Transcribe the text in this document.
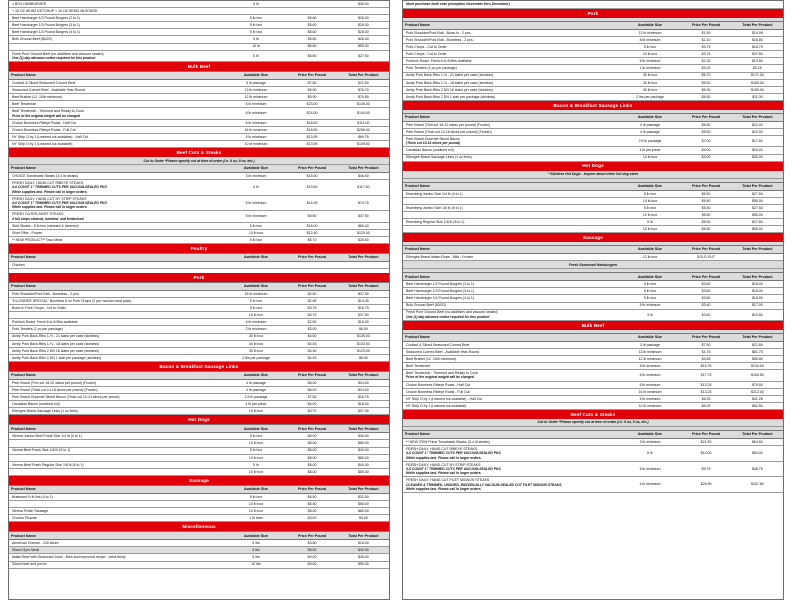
1 BOX HAMBURGER	5 lb		$35.00
+ 16 OZ HEINZ KETCHUP + 16 OZ HEINZ MUSTARD			
Beef Hamburger 1/2 Pound Burgers (2 to 1)	5 lb box	$5.60	$28.00
Beef Hamburger 1/3 Pound Burgers (3 to 1)	5 lb box	$5.60	$28.00
Beef Hamburger 1/4 Pound Burgers (4 to 1)	5 lb box	$5.60	$28.00
Bulk Ground Beef (80/20)	5 lb	$5.60	$28.00
	10 lb	$5.50	$55.00
Fresh Pure Ground Beef (no additives and vacuum sealed)
One (1) day advance notice required for this product	5 lb	$5.50	$27.50
Bulk Beef			
Product Name	Available Size	Price Per Pound	Total Per Product
Cooked & Sliced Seasoned Corned Beef	3 lb package	$7.50	$22.50
Seasoned Corned Beef - Available Year-Round	13 lb minimum	$5.90	$76.70
Beef Brisket (12 -15lb minimum)	12 lb minimum	$5.90	$70.80
Beef Tenderloin	6 lb minimum	$23.00	$138.00
Beef Tenderloin - Trimmed and Ready to Cook
Price of the original weight will be charged	6 lb minimum	$24.00	$144.00
Choice Boneless Ribeye Roast - Half Cut	6 lb minimum	$18.50	$111.00
Choice Boneless Ribeye Roast - Full Cut	16 lb minimum	$18.50	$296.00
NY Strip O by 1 (Leanest cut available) - Half Cut	5 lb minimum	$13.95	$69.75
NY Strip O by 1 (Leanest cut available)	10 lb minimum	$13.95	$139.50
Beef Cuts & Steaks			
Cut to Order *Please specify cut at time of order (i.e. 6 oz, 8 oz, etc.)			
Product Name	Available Size	Price Per Pound	Total Per Product
CHOICE Tomahawk Steaks (3-4 lb steaks)	3 lb minimum	$15.50	$46.50
FRESH DAILY, HAND-CUT RIBEYE STEAKS
4-6 COUNT 1" TRIMMED CUTS PER VACUUM-SEALED PKG
While supplies last. Please call in larger orders.	6 lb	$19.50	$117.00
FRESH DAILY, HAND-CUT NY STRIP STEAKS
4-6 COUNT 1" TRIMMED CUTS PER VACUUM-SEALED PKG
While supplies last. Please call in larger orders.	5 lb minimum	$14.95	$74.75
FRESH OUTER-SKIRT STEAKS
4 full strips cleaned, tumbled, and tenderized	5 lb minimum	$9.50	$47.50
Skirt Steaks - 5 lb box (cleaned & trimmed)	5 lb box	$16.00	$80.00
Short Ribs - Frozen	10 lb box	$12.50	$125.00
** NEW PRODUCT** Taco Meat	5 lb box	$5.70	$28.50
Poultry			
Product Name	Available Size	Price Per Pound	Total Per Product
Chicken			
Pork			
Product Name	Available Size	Price Per Pound	Total Per Product
Pork Shoulder/Pork Butt - Boneless - 2 pcs.	15 lb minimum	$2.50	$37.50
"ELLENGEE SPECIAL" Boneless 8 oz Pork Chops (2 per vacuum seal pack)	5 lb box	$2.89	$14.45
Bone-In Pork Chops - Cut to Order	5 lb box	$3.75	$18.75
	10 lb box	$3.75	$37.50
Porkloin Roast, Fresh 6 to 8.5lbs available	6 lb minimum	$2.50	$15.00
Pork Tenders (1 pc per package)	2 lb minimum	$3.00	$6.00
Amity Pork Back-Ribs 1-½ - 21 slabs per case (skinless)	30 lb box	$4.50	$135.00
Amity Pork Back-Ribs 1-¾ - 18 slabs per case (skinless)	30 lb box	$4.45	$133.50
Amity Pork Back-Ribs 2 DN 16 slabs per case (skinless)	30 lb box	$4.30	$129.00
Amity Pork Back-Ribs 2 DN 1 slab per package (skinless)	2 lbs per package	$4.45	$8.90
Bacon & Breakfast Sausage Links			
Product Name	Available Size	Price Per Pound	Total Per Product
Peer Brand (Thin cut 18-22 slices per pound) (Frozen)	4 lb package	$6.00	$24.00
Peer Brand (Thick cut 14-18 slices per pound) (Frozen)	4 lb package	$6.00	$24.00
Peer Brand Gourmet Sliced Bacon (Thick cut 10-14 slices per pound)	2.5 lb package	$7.50	$18.75
Canadian Bacon (unsliced roll)	4 lb per piece	$4.00	$16.00
Ellengee Brand Sausage Links (1 oz links)	10 lb box	$3.70	$37.00
Hot Dogs			
Product Name	Available Size	Price Per Pound	Total Per Product
Vienna Jumbo Beef Frank Size 1/4 lb (4 to 1)	5 lb box	$8.00	$40.00
	10 lb box	$8.00	$80.00
Vienna Beef Frank Size 1/6 lb (6 to 1)	5 lb box	$8.00	$40.00
	10 lb box	$8.00	$80.00
Vienna Beef Frank Regular Size 1/8 lb (8 to 1)	5 lb	$8.00	$40.00
	10 lb box	$8.00	$80.00
Sausage			
Product Name	Available Size	Price Per Pound	Total Per Product
Bratwurst ½ lb link (4 to 1)	5 lb box	$6.50	$32.50
	10 lb box	$6.50	$65.00
Vienna Polish Sausage	10 lb box	$8.00	$80.00
Chorizo Picante	1 lb tube	$3.00	$3.00
Miscellaneous			
Product Name	Available Size	Price Per Pound	Total Per Product
American Cheese - 120 slices	5 lbs	$3.60	$18.00
Sliced Gyro Meat	5 lbs	$8.00	$40.00
Italian Beef with Seasoned Juice - New and improved recipe - extra thinly	5 lbs	$9.00	$45.00
Sliced beef and jus for	10 lbs	$9.00	$90.00
Must purchase both cuts (exception November thru December)
Pork			

Product Name	Available Size	Price Per Pound	Total Per Product
Pork Shoulder/Pork Butt - Bone-In - 2 pcs.	12 lb minimum	$1.59	$19.08
Pork Shoulder/Pork Butt - Boneless - 2 pcs.	8 lb minimum	$2.10	$16.80
Pork Chops - Cut to Order	5 lb box	$3.75	$18.75
Pork Chops - Cut to Order	10 lb box	$3.75	$37.50
Porkloin Roast, Fresh 6 to 8.5lbs available	6 lb minimum	$2.30	$13.80
Pork Tenders (1 pc per package)	1 lb minimum	$3.25	$3.25
Amity Pork Back-Ribs 1-½ - 21 slabs per case (skinless)	30 lb box	$5.70	$171.00
Amity Pork Back-Ribs 1-¾ - 18 slabs per case (skinless)	30 lb box	$5.50	$165.00
Amity Pork Back-Ribs 2 DN 16 slabs per case (skinless)	30 lb box	$5.30	$159.00
Amity Pork Back-Ribs 2 DN 1 slab per package (skinless)	2 lbs per package	$5.50	$11.00
Bacon & Breakfast Sausage Links			

Product Name	Available Size	Price Per Pound	Total Per Product
Peer Brand (Thin cut 18-22 slices per pound) (Frozen)	4 lb package	$5.50	$22.00
Peer Brand (Thick cut 14-18 slices per pound) (Frozen)	4 lb package	$5.50	$22.00
Peer Brand Gourmet Sliced Bacon
(Thick cut 10-14 slices per pound)	2.5 lb package	$7.00	$17.50
Canadian Bacon (unsliced roll)	4 lb per piece	$4.00	$16.00
Ellengee Brand Sausage Links (1 oz links)	10 lb box	$3.00	$30.00
Hot Dogs			
* Skinless Hot Dogs - Inquire about other hot dog sizes			

Product Name	Available Size	Price Per Pound	Total Per Product
Eisenberg Jumbo Size 1/4 lb (4 to 1)	5 lb box	$5.50	$27.50
	10 lb box	$5.50	$55.00
Eisenberg Jumbo Size 1/6 lb (6 to 1)	5 lb box	$5.50	$27.50
	10 lb box	$5.50	$55.00
Eisenberg Regular Size 1/8 lb (8 to 1)	5 lb	$5.50	$27.50
	10 lb box	$5.50	$55.00
Sausage			

Product Name	Available Size	Price Per Pound	Total Per Product
Ellengee Brand Italian Rope - Mild - Frozen	12 lb box	SOLD OUT	
Fresh Seasoned Hamburgers			

Product Name	Available Size	Price Per Pound	Total Per Product
Beef Hamburger 1/2 Pound Burgers (2 to 1)	5 lb box	$3.60	$18.00
Beef Hamburger 1/3 Pound Burgers (3 to 1)	5 lb box	$3.60	$18.00
Beef Hamburger 1/4 Pound Burgers (4 to 1)	5 lb box	$3.60	$18.00
Bulk Ground Beef (80/20)	5 lb minimum	$3.40	$17.00
Fresh Pure Ground Beef (no additives and vacuum sealed)
One (1) day advance notice required for this product	3 lb	$3.60	$10.80
Bulk Beef			

Product Name	Available Size	Price Per Pound	Total Per Product
Cooked & Sliced Seasoned Corned Beef	3 lb package	$7.50	$22.50
Seasoned Corned Beef - Available Year-Round	13 lb minimum	$4.75	$61.75
Beef Brisket (12 -15lb minimum)	12 lb minimum	$4.65	$55.80
Beef Tenderloin	8 lb minimum	$16.75	$134.00
Beef Tenderloin - Trimmed and Ready to Cook
Price of the original weight will be charged	6 lb minimum	$17.75	$106.50
Choice Boneless Ribeye Roast - Half Cut	6 lb minimum	$13.25	$79.50
Choice Boneless Ribeye Roast - Full Cut	16 lb minimum	$13.25	$212.00
NY Strip O by 1 (Leanest cut available) - Half Cut	5 lb minimum	$8.25	$41.25
NY Strip O by 1 (Leanest cut available)	10 lb minimum	$8.25	$82.50
Beef Cuts & Steaks			
Cut to Order *Please specify cut at time of order (i.e. 6 oz, 8 oz, etc.)			

Product Name	Available Size	Price Per Pound	Total Per Product
** NEW ITEM Prime Tomahawk Steaks (3-4 lb steaks)	3 lb minimum	$21.50	$64.50
FRESH DAILY, HAND-CUT RIBEYE STEAKS
4-6 COUNT 1" TRIMMED CUTS PER VACUUM-SEALED PKG
While supplies last. Please call in larger orders.	6 lb	$14.00	$84.00
FRESH DAILY, HAND-CUT NY STRIP STEAKS
4-6 COUNT 1" TRIMMED CUTS PER VACUUM-SEALED PKG
While supplies last. Please call in larger orders.	5 lb minimum	$9.75	$48.75
FRESH DAILY, HAND-CUT FILET MIGNON STEAKS
CLEANED & TRIMMED, UNSIZED, INDIVIDUALLY VACUUM-SEALED CUT FILET MIGNON STEAKS.
While supplies last. Please call in larger orders.	4 lb minimum	$26.95	$107.80
